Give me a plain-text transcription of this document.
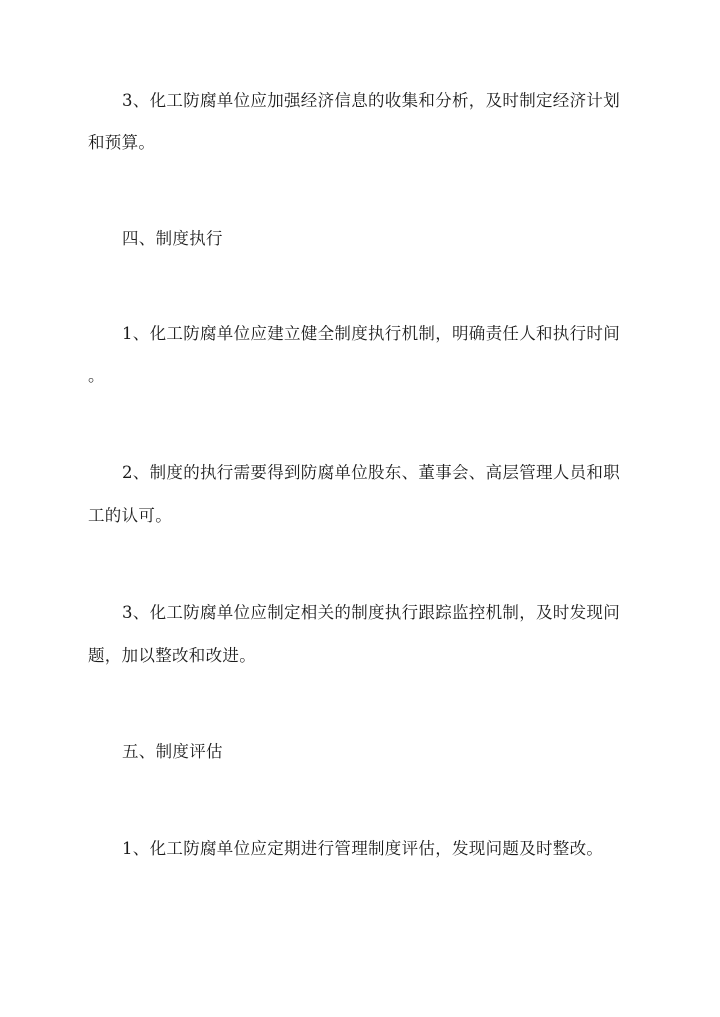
3、化工防腐单位应加强经济信息的收集和分析，及时制定经济计划
和预算。
四、制度执行
1、化工防腐单位应建立健全制度执行机制，明确责任人和执行时间
。
2、制度的执行需要得到防腐单位股东、董事会、高层管理人员和职
工的认可。
3、化工防腐单位应制定相关的制度执行跟踪监控机制，及时发现问
题，加以整改和改进。
五、制度评估
1、化工防腐单位应定期进行管理制度评估，发现问题及时整改。
